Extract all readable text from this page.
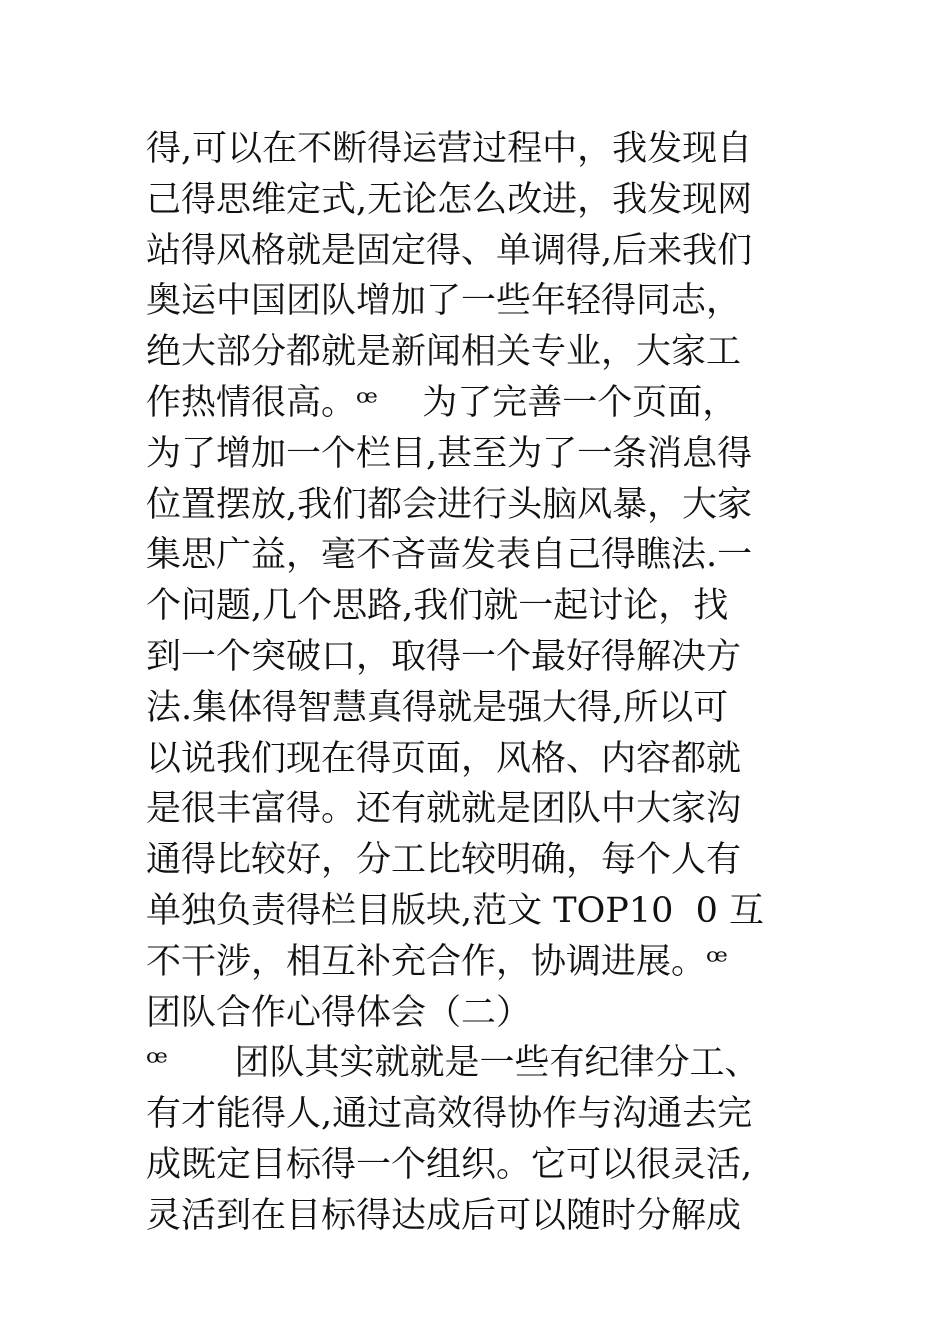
得,可以在不断得运营过程中，我发现自
己得思维定式,无论怎么改进，我发现网
站得风格就是固定得、单调得,后来我们
奥运中国团队增加了一些年轻得同志，
绝大部分都就是新闻相关专业，大家工
作热情很高。ꟹ    为了完善一个页面，
为了增加一个栏目,甚至为了一条消息得
位置摆放,我们都会进行头脑风暴，大家
集思广益，毫不吝啬发表自己得瞧法.一
个问题,几个思路,我们就一起讨论，找
到一个突破口，取得一个最好得解决方
法.集体得智慧真得就是强大得,所以可
以说我们现在得页面，风格、内容都就
是很丰富得。还有就就是团队中大家沟
通得比较好，分工比较明确，每个人有
单独负责得栏目版块,范文 TOP10  0 互
不干涉，相互补充合作，协调进展。ꟹ
团队合作心得体会（二）
ꟹ      团队其实就就是一些有纪律分工、
有才能得人,通过高效得协作与沟通去完
成既定目标得一个组织。它可以很灵活,
灵活到在目标得达成后可以随时分解成
